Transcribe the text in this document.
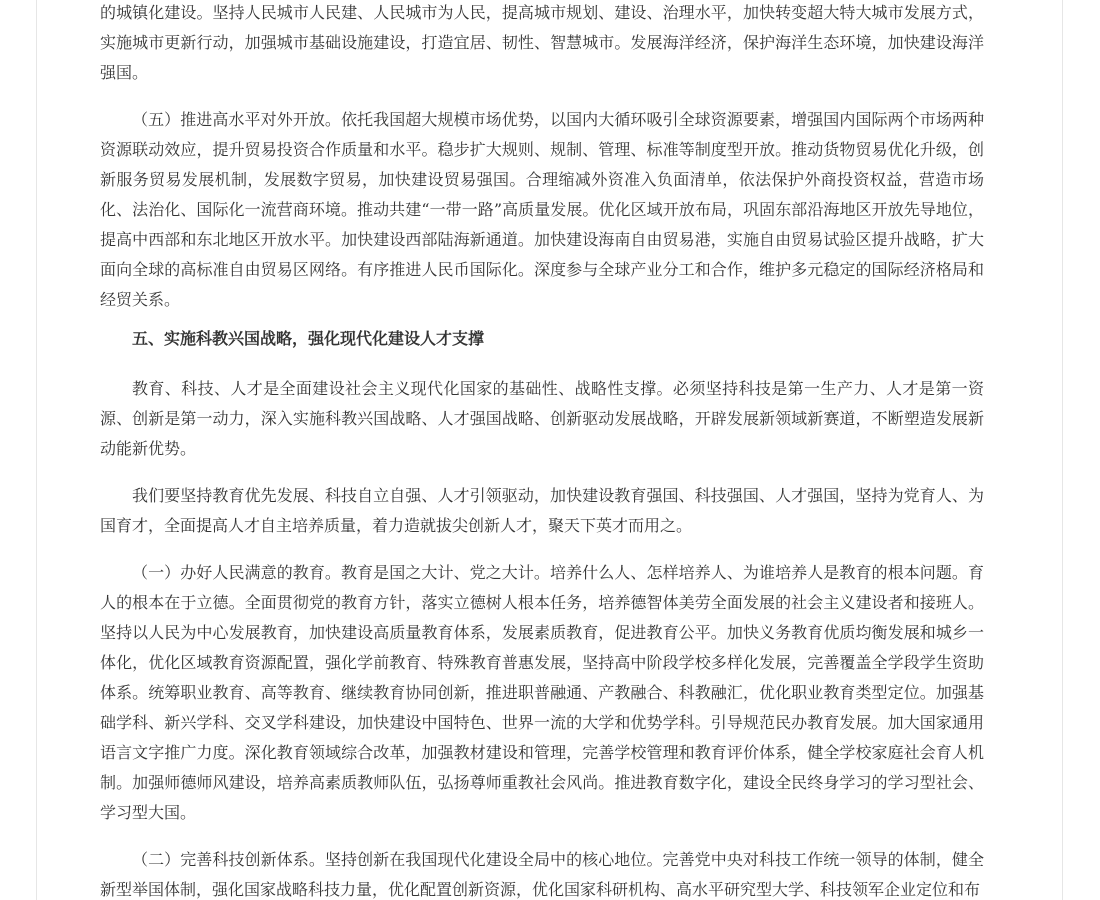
的城镇化建设。坚持人民城市人民建、人民城市为人民，提高城市规划、建设、治理水平，加快转变超大特大城市发展方式，实施城市更新行动，加强城市基础设施建设，打造宜居、韧性、智慧城市。发展海洋经济，保护海洋生态环境，加快建设海洋强国。

（五）推进高水平对外开放。依托我国超大规模市场优势，以国内大循环吸引全球资源要素，增强国内国际两个市场两种资源联动效应，提升贸易投资合作质量和水平。稳步扩大规则、规制、管理、标准等制度型开放。推动货物贸易优化升级，创新服务贸易发展机制，发展数字贸易，加快建设贸易强国。合理缩减外资准入负面清单，依法保护外商投资权益，营造市场化、法治化、国际化一流营商环境。推动共建“一带一路”高质量发展。优化区域开放布局，巩固东部沿海地区开放先导地位，提高中西部和东北地区开放水平。加快建设西部陆海新通道。加快建设海南自由贸易港，实施自由贸易试验区提升战略，扩大面向全球的高标准自由贸易区网络。有序推进人民币国际化。深度参与全球产业分工和合作，维护多元稳定的国际经济格局和经贸关系。

五、实施科教兴国战略，强化现代化建设人才支撑

教育、科技、人才是全面建设社会主义现代化国家的基础性、战略性支撑。必须坚持科技是第一生产力、人才是第一资源、创新是第一动力，深入实施科教兴国战略、人才强国战略、创新驱动发展战略，开辟发展新领域新赛道，不断塑造发展新动能新优势。

我们要坚持教育优先发展、科技自立自强、人才引领驱动，加快建设教育强国、科技强国、人才强国，坚持为党育人、为国育才，全面提高人才自主培养质量，着力造就拔尖创新人才，聚天下英才而用之。

（一）办好人民满意的教育。教育是国之大计、党之大计。培养什么人、怎样培养人、为谁培养人是教育的根本问题。育人的根本在于立德。全面贯彻党的教育方针，落实立德树人根本任务，培养德智体美劳全面发展的社会主义建设者和接班人。坚持以人民为中心发展教育，加快建设高质量教育体系，发展素质教育，促进教育公平。加快义务教育优质均衡发展和城乡一体化，优化区域教育资源配置，强化学前教育、特殊教育普惠发展，坚持高中阶段学校多样化发展，完善覆盖全学段学生资助体系。统筹职业教育、高等教育、继续教育协同创新，推进职普融通、产教融合、科教融汇，优化职业教育类型定位。加强基础学科、新兴学科、交叉学科建设，加快建设中国特色、世界一流的大学和优势学科。引导规范民办教育发展。加大国家通用语言文字推广力度。深化教育领域综合改革，加强教材建设和管理，完善学校管理和教育评价体系，健全学校家庭社会育人机制。加强师德师风建设，培养高素质教师队伍，弘扬尊师重教社会风尚。推进教育数字化，建设全民终身学习的学习型社会、学习型大国。

（二）完善科技创新体系。坚持创新在我国现代化建设全局中的核心地位。完善党中央对科技工作统一领导的体制，健全新型举国体制，强化国家战略科技力量，优化配置创新资源，优化国家科研机构、高水平研究型大学、科技领军企业定位和布
